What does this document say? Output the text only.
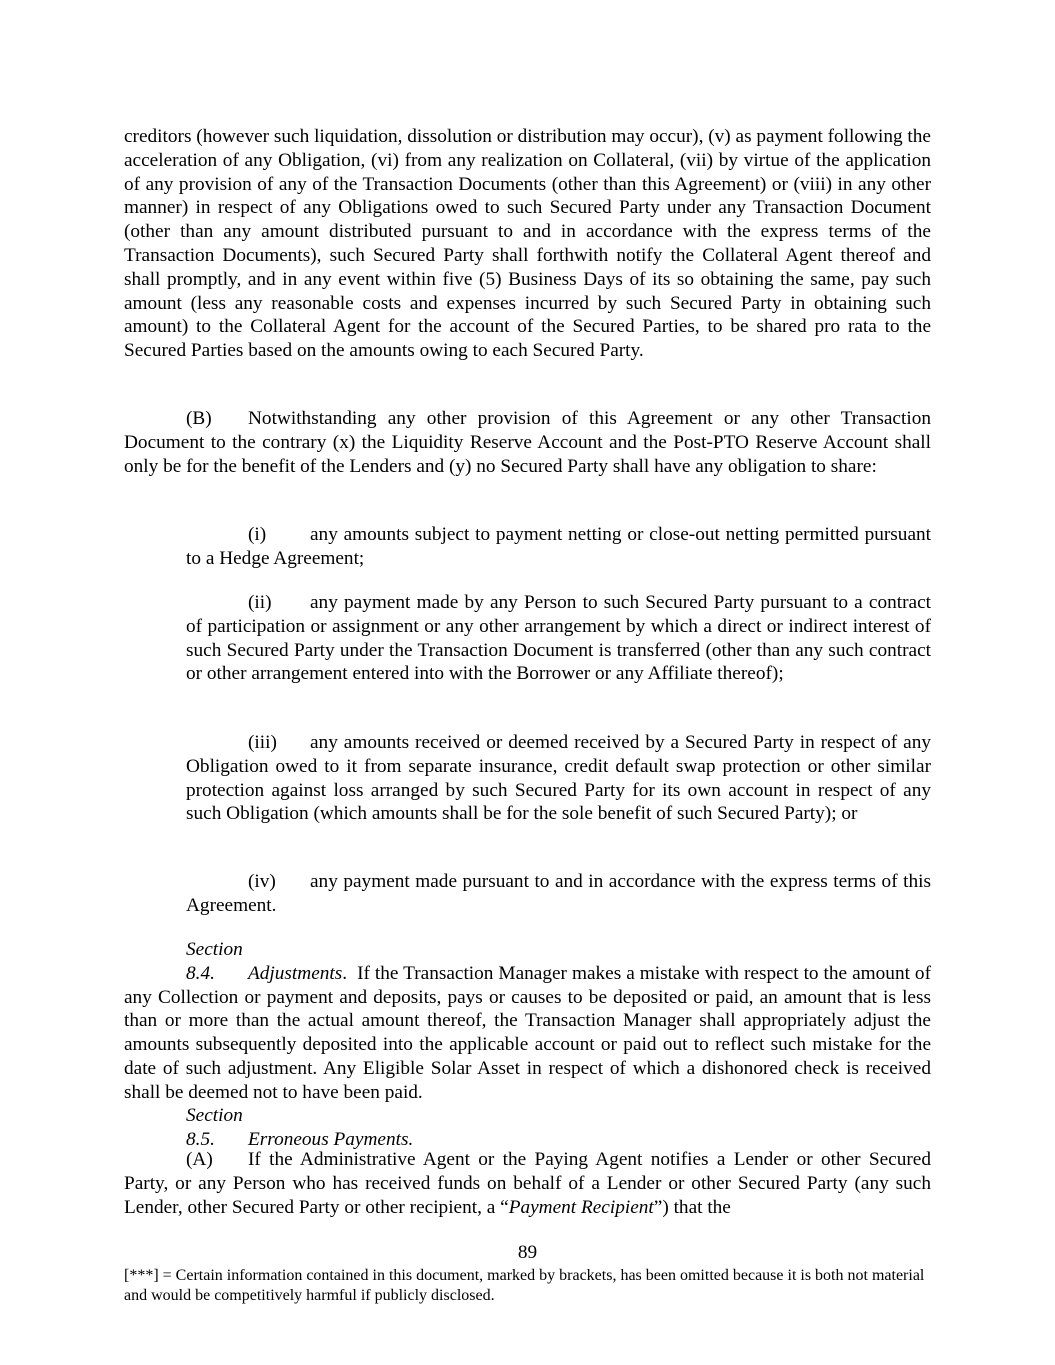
creditors (however such liquidation, dissolution or distribution may occur), (v) as payment following the acceleration of any Obligation, (vi) from any realization on Collateral, (vii) by virtue of the application of any provision of any of the Transaction Documents (other than this Agreement) or (viii) in any other manner) in respect of any Obligations owed to such Secured Party under any Transaction Document (other than any amount distributed pursuant to and in accordance with the express terms of the Transaction Documents), such Secured Party shall forthwith notify the Collateral Agent thereof and shall promptly, and in any event within five (5) Business Days of its so obtaining the same, pay such amount (less any reasonable costs and expenses incurred by such Secured Party in obtaining such amount) to the Collateral Agent for the account of the Secured Parties, to be shared pro rata to the Secured Parties based on the amounts owing to each Secured Party.

(B) Notwithstanding any other provision of this Agreement or any other Transaction Document to the contrary (x) the Liquidity Reserve Account and the Post-PTO Reserve Account shall only be for the benefit of the Lenders and (y) no Secured Party shall have any obligation to share:

(i) any amounts subject to payment netting or close-out netting permitted pursuant to a Hedge Agreement;

(ii) any payment made by any Person to such Secured Party pursuant to a contract of participation or assignment or any other arrangement by which a direct or indirect interest of such Secured Party under the Transaction Document is transferred (other than any such contract or other arrangement entered into with the Borrower or any Affiliate thereof);

(iii) any amounts received or deemed received by a Secured Party in respect of any Obligation owed to it from separate insurance, credit default swap protection or other similar protection against loss arranged by such Secured Party for its own account in respect of any such Obligation (which amounts shall be for the sole benefit of such Secured Party); or

(iv) any payment made pursuant to and in accordance with the express terms of this Agreement.

Section 8.4. Adjustments. If the Transaction Manager makes a mistake with respect to the amount of any Collection or payment and deposits, pays or causes to be deposited or paid, an amount that is less than or more than the actual amount thereof, the Transaction Manager shall appropriately adjust the amounts subsequently deposited into the applicable account or paid out to reflect such mistake for the date of such adjustment. Any Eligible Solar Asset in respect of which a dishonored check is received shall be deemed not to have been paid.

Section 8.5. Erroneous Payments.

(A) If the Administrative Agent or the Paying Agent notifies a Lender or other Secured Party, or any Person who has received funds on behalf of a Lender or other Secured Party (any such Lender, other Secured Party or other recipient, a “Payment Recipient”) that the

89

[***] = Certain information contained in this document, marked by brackets, has been omitted because it is both not material and would be competitively harmful if publicly disclosed.
